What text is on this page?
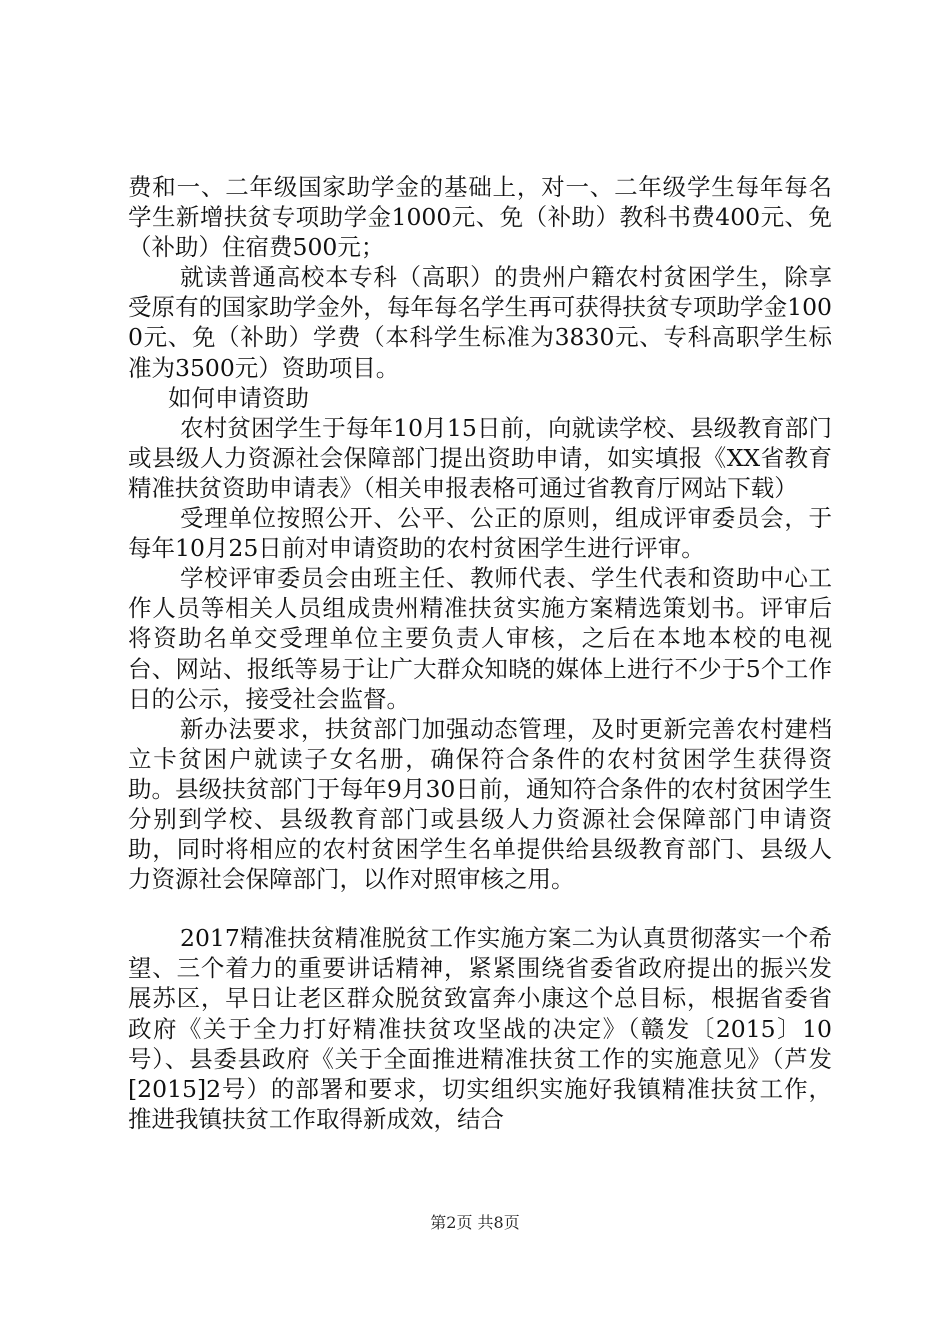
费和一、二年级国家助学金的基础上，对一、二年级学生每年每名学生新增扶贫专项助学金1000元、免（补助）教科书费400元、免（补助）住宿费500元；

就读普通高校本专科（高职）的贵州户籍农村贫困学生，除享受原有的国家助学金外，每年每名学生再可获得扶贫专项助学金1000元、免（补助）学费（本科学生标准为3830元、专科高职学生标准为3500元）资助项目。

如何申请资助

农村贫困学生于每年10月15日前，向就读学校、县级教育部门或县级人力资源社会保障部门提出资助申请，如实填报《XX省教育精准扶贫资助申请表》（相关申报表格可通过省教育厅网站下载）

受理单位按照公开、公平、公正的原则，组成评审委员会，于每年10月25日前对申请资助的农村贫困学生进行评审。

学校评审委员会由班主任、教师代表、学生代表和资助中心工作人员等相关人员组成贵州精准扶贫实施方案精选策划书。评审后将资助名单交受理单位主要负责人审核，之后在本地本校的电视台、网站、报纸等易于让广大群众知晓的媒体上进行不少于5个工作日的公示，接受社会监督。

新办法要求，扶贫部门加强动态管理，及时更新完善农村建档立卡贫困户就读子女名册，确保符合条件的农村贫困学生获得资助。县级扶贫部门于每年9月30日前，通知符合条件的农村贫困学生分别到学校、县级教育部门或县级人力资源社会保障部门申请资助，同时将相应的农村贫困学生名单提供给县级教育部门、县级人力资源社会保障部门，以作对照审核之用。

2017精准扶贫精准脱贫工作实施方案二为认真贯彻落实一个希望、三个着力的重要讲话精神，紧紧围绕省委省政府提出的振兴发展苏区，早日让老区群众脱贫致富奔小康这个总目标，根据省委省政府《关于全力打好精准扶贫攻坚战的决定》（赣发〔2015〕10号）、县委县政府《关于全面推进精准扶贫工作的实施意见》（芦发[2015]2号）的部署和要求，切实组织实施好我镇精准扶贫工作，推进我镇扶贫工作取得新成效，结合

第2页 共8页
